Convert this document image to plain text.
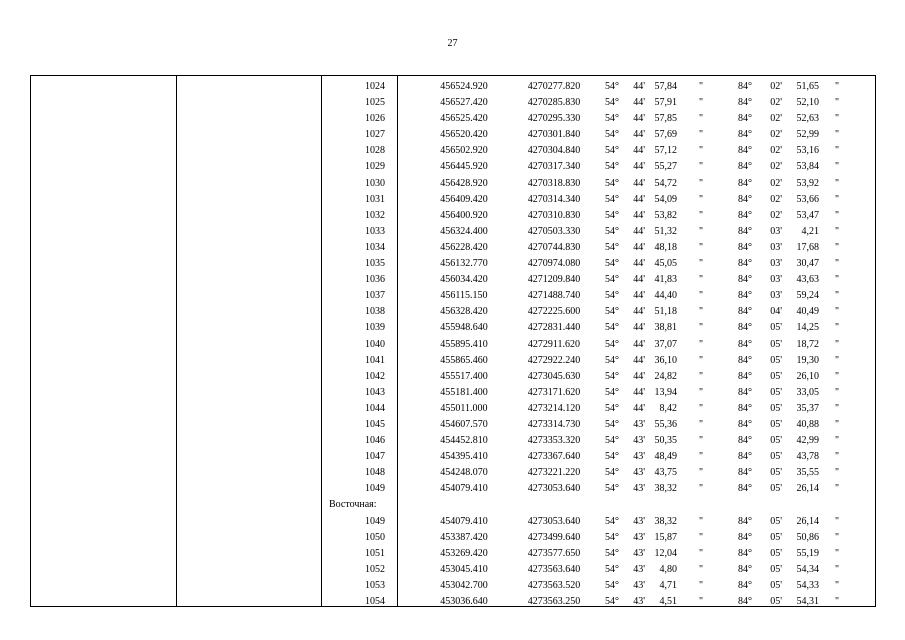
27
1024	456524.920	4270277.820	54°	44' 57,84 "	84°	02'	51,65 "
1025	456527.420	4270285.830	54°	44' 57,91 "	84°	02'	52,10 "
1026	456525.420	4270295.330	54°	44' 57,85 "	84°	02'	52,63 "
1027	456520.420	4270301.840	54°	44' 57,69 "	84°	02'	52,99 "
1028	456502.920	4270304.840	54°	44' 57,12 "	84°	02'	53,16 "
1029	456445.920	4270317.340	54°	44' 55,27 "	84°	02'	53,84 "
1030	456428.920	4270318.830	54°	44' 54,72 "	84°	02'	53,92 "
1031	456409.420	4270314.340	54°	44' 54,09 "	84°	02'	53,66 "
1032	456400.920	4270310.830	54°	44' 53,82 "	84°	02'	53,47 "
1033	456324.400	4270503.330	54°	44' 51,32 "	84°	03'	4,21 "
1034	456228.420	4270744.830	54°	44' 48,18 "	84°	03'	17,68 "
1035	456132.770	4270974.080	54°	44' 45,05 "	84°	03'	30,47 "
1036	456034.420	4271209.840	54°	44' 41,83 "	84°	03'	43,63 "
1037	456115.150	4271488.740	54°	44' 44,40 "	84°	03'	59,24 "
1038	456328.420	4272225.600	54°	44' 51,18 "	84°	04'	40,49 "
1039	455948.640	4272831.440	54°	44' 38,81 "	84°	05'	14,25 "
1040	455895.410	4272911.620	54°	44' 37,07 "	84°	05'	18,72 "
1041	455865.460	4272922.240	54°	44' 36,10 "	84°	05'	19,30 "
1042	455517.400	4273045.630	54°	44' 24,82 "	84°	05'	26,10 "
1043	455181.400	4273171.620	54°	44' 13,94 "	84°	05'	33,05 "
1044	455011.000	4273214.120	54°	44'	8,42 "	84°	05'	35,37 "
1045	454607.570	4273314.730	54°	43' 55,36 "	84°	05'	40,88 "
1046	454452.810	4273353.320	54°	43' 50,35 "	84°	05'	42,99 "
1047	454395.410	4273367.640	54°	43' 48,49 "	84°	05'	43,78 "
1048	454248.070	4273221.220	54°	43' 43,75 "	84°	05'	35,55 "
1049	454079.410	4273053.640	54°	43' 38,32 "	84°	05'	26,14 "
Восточная:
1049	454079.410	4273053.640	54°	43' 38,32 "	84°	05'	26,14 "
1050	453387.420	4273499.640	54°	43' 15,87 "	84°	05'	50,86 "
1051	453269.420	4273577.650	54°	43' 12,04 "	84°	05'	55,19 "
1052	453045.410	4273563.640	54°	43'	4,80 "	84°	05'	54,34 "
1053	453042.700	4273563.520	54°	43'	4,71 "	84°	05'	54,33 "
1054	453036.640	4273563.250	54°	43'	4,51 "	84°	05'	54,31 "
